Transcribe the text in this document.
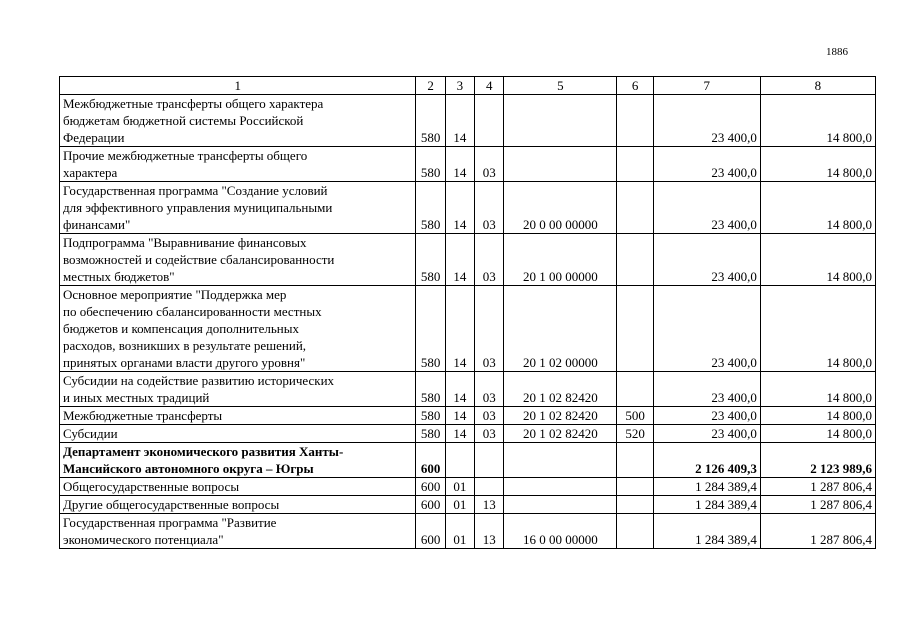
1886
1	2	3	4	5	6	7	8
Межбюджетные трансферты общего характера
бюджетам бюджетной системы Российской
Федерации	580	14				23 400,0	14 800,0
Прочие межбюджетные трансферты общего
характера	580	14	03			23 400,0	14 800,0
Государственная программа "Создание условий
для эффективного управления муниципальными
финансами"	580	14	03	20 0 00 00000		23 400,0	14 800,0
Подпрограмма "Выравнивание финансовых
возможностей и содействие сбалансированности
местных бюджетов"	580	14	03	20 1 00 00000		23 400,0	14 800,0
Основное мероприятие "Поддержка мер
по обеспечению сбалансированности местных
бюджетов и компенсация дополнительных
расходов, возникших в результате решений,
принятых органами власти другого уровня"	580	14	03	20 1 02 00000		23 400,0	14 800,0
Субсидии на содействие развитию исторических
и иных местных традиций	580	14	03	20 1 02 82420		23 400,0	14 800,0
Межбюджетные трансферты	580	14	03	20 1 02 82420	500	23 400,0	14 800,0
Субсидии	580	14	03	20 1 02 82420	520	23 400,0	14 800,0
Департамент экономического развития Ханты-
Мансийского автономного округа – Югры	600					2 126 409,3	2 123 989,6
Общегосударственные вопросы	600	01				1 284 389,4	1 287 806,4
Другие общегосударственные вопросы	600	01	13			1 284 389,4	1 287 806,4
Государственная программа "Развитие
экономического потенциала"	600	01	13	16 0 00 00000		1 284 389,4	1 287 806,4
